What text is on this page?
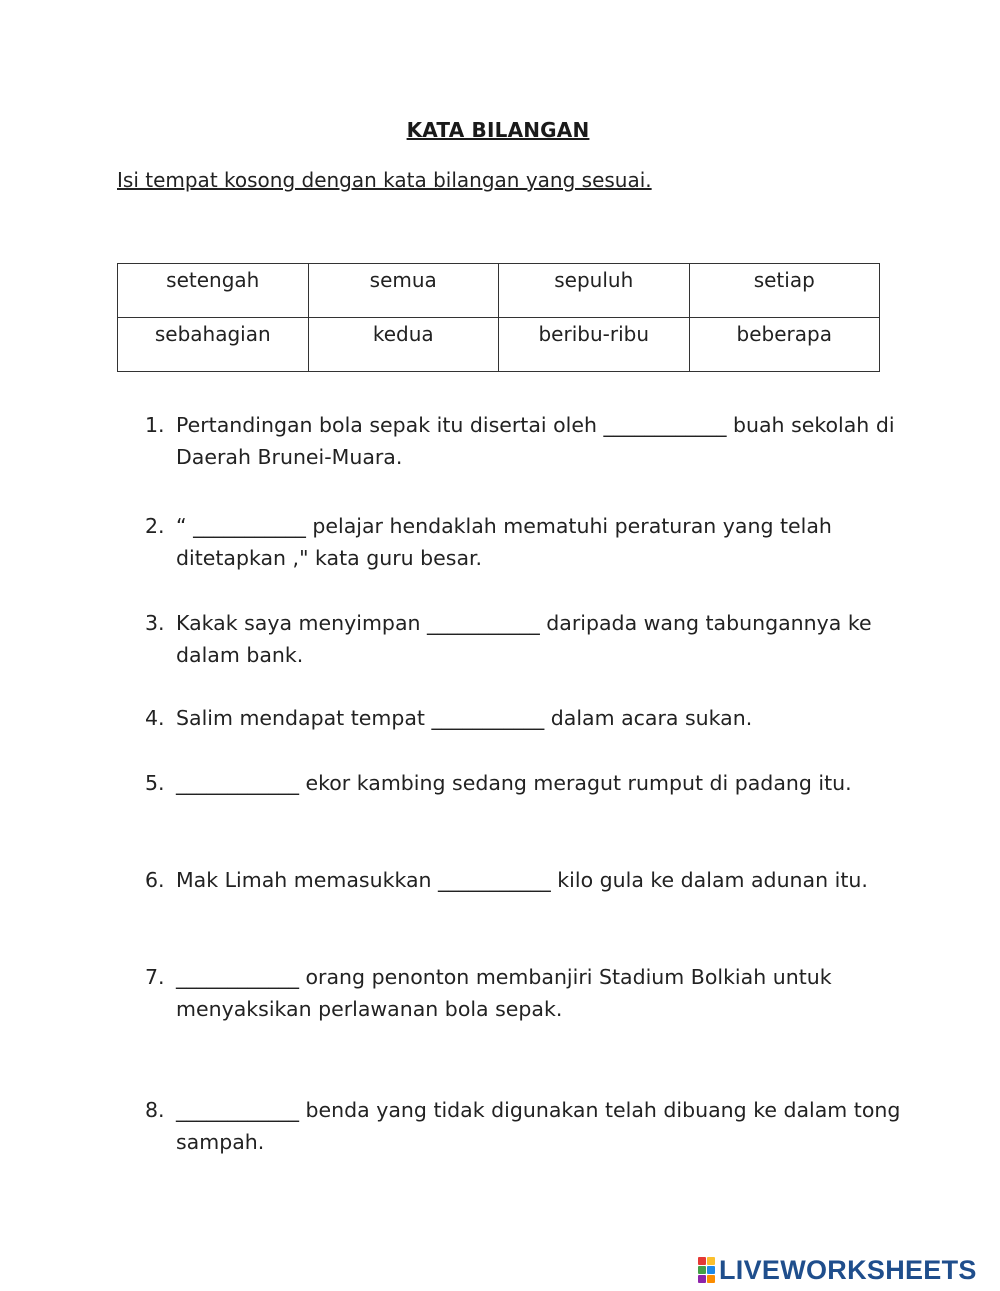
KATA BILANGAN
Isi tempat kosong dengan kata bilangan yang sesuai.
setengah	semua	sepuluh	setiap
sebahagian	kedua	beribu-ribu	beberapa
1. Pertandingan bola sepak itu disertai oleh ____________ buah sekolah di Daerah Brunei-Muara.
2. “ ___________ pelajar hendaklah mematuhi peraturan yang telah ditetapkan ," kata guru besar.
3. Kakak saya menyimpan ___________ daripada wang tabungannya ke dalam bank.
4. Salim mendapat tempat ___________ dalam acara sukan.
5. ____________ ekor kambing sedang meragut rumput di padang itu.
6. Mak Limah memasukkan ___________ kilo gula ke dalam adunan itu.
7. ____________ orang penonton membanjiri Stadium Bolkiah untuk menyaksikan perlawanan bola sepak.
8. ____________ benda yang tidak digunakan telah dibuang ke dalam tong sampah.
LIVEWORKSHEETS
